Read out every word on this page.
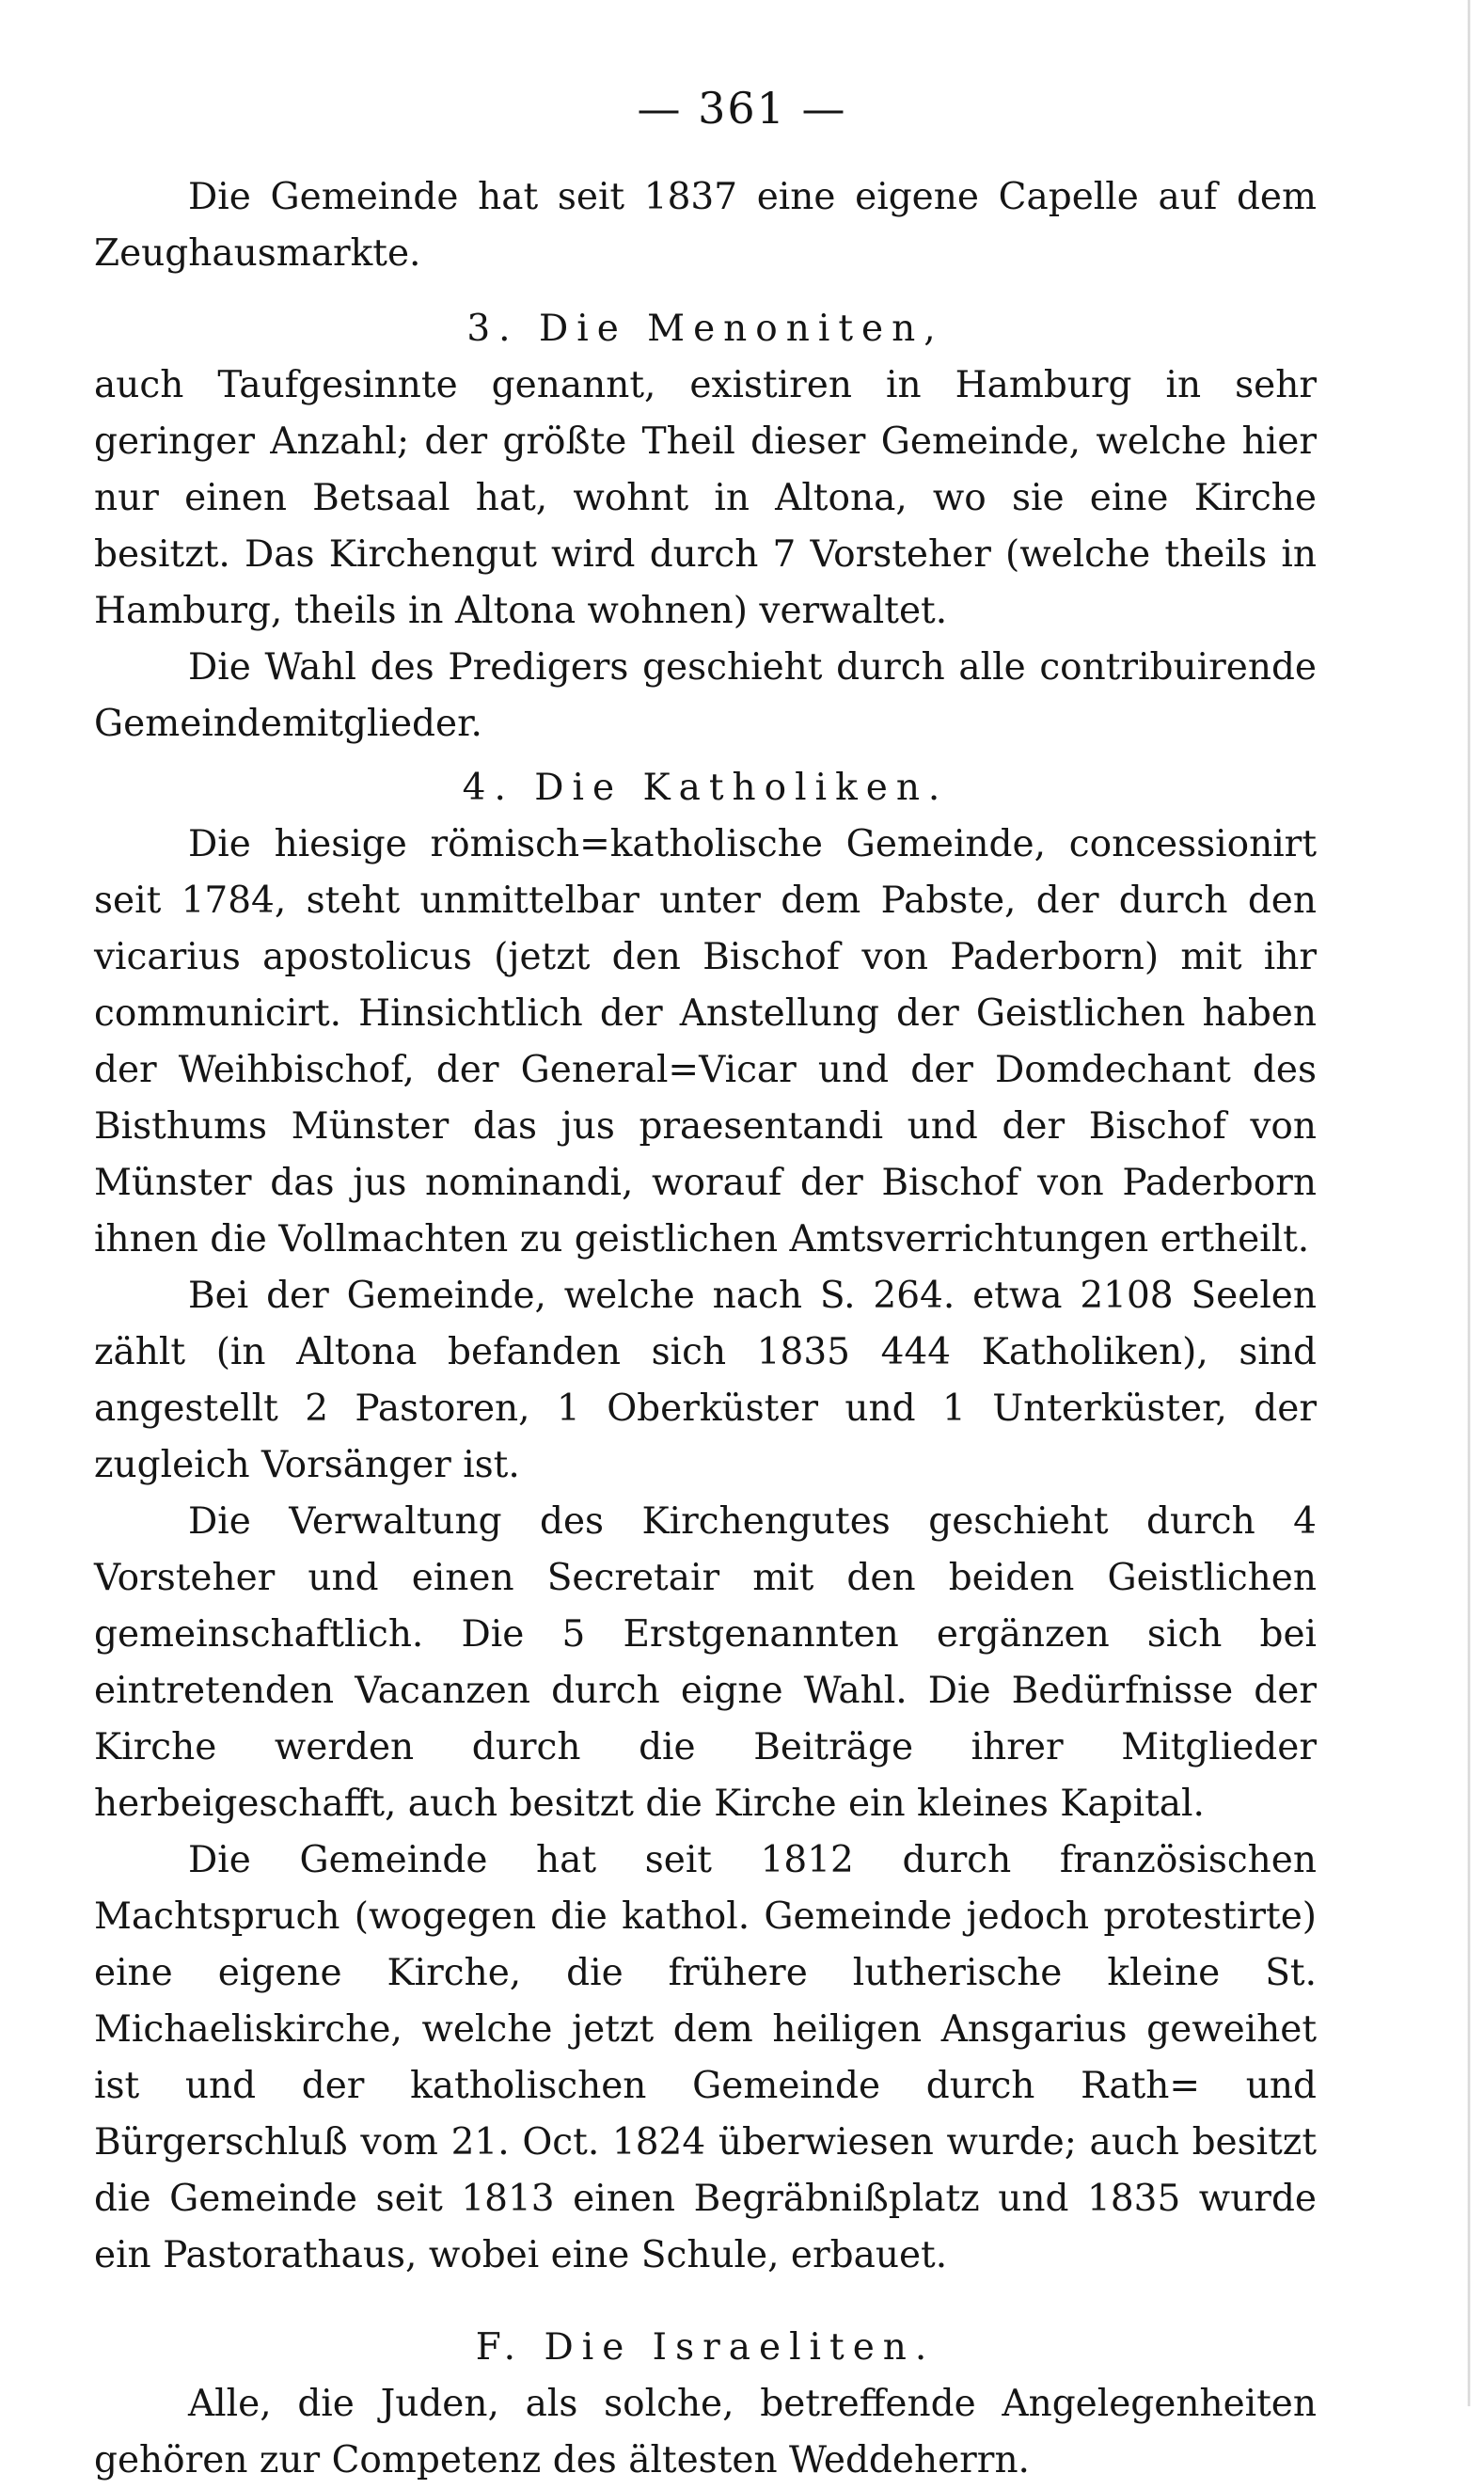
— 361 —

Die Gemeinde hat seit 1837 eine eigene Capelle auf dem Zeughausmarkte.

3. Die Menoniten,

auch Taufgesinnte genannt, existiren in Hamburg in sehr geringer Anzahl; der größte Theil dieser Gemeinde, welche hier nur einen Betsaal hat, wohnt in Altona, wo sie eine Kirche besitzt. Das Kirchengut wird durch 7 Vorsteher (welche theils in Hamburg, theils in Altona wohnen) verwaltet.

Die Wahl des Predigers geschieht durch alle contribuirende Gemeindemitglieder.

4. Die Katholiken.

Die hiesige römisch=katholische Gemeinde, concessionirt seit 1784, steht unmittelbar unter dem Pabste, der durch den vicarius apostolicus (jetzt den Bischof von Paderborn) mit ihr communicirt. Hinsichtlich der Anstellung der Geistlichen haben der Weihbischof, der General=Vicar und der Domdechant des Bisthums Münster das jus praesentandi und der Bischof von Münster das jus nominandi, worauf der Bischof von Paderborn ihnen die Vollmachten zu geistlichen Amtsverrichtungen ertheilt.

Bei der Gemeinde, welche nach S. 264. etwa 2108 Seelen zählt (in Altona befanden sich 1835 444 Katholiken), sind angestellt 2 Pastoren, 1 Oberküster und 1 Unterküster, der zugleich Vorsänger ist.

Die Verwaltung des Kirchengutes geschieht durch 4 Vorsteher und einen Secretair mit den beiden Geistlichen gemeinschaftlich. Die 5 Erstgenannten ergänzen sich bei eintretenden Vacanzen durch eigne Wahl. Die Bedürfnisse der Kirche werden durch die Beiträge ihrer Mitglieder herbeigeschafft, auch besitzt die Kirche ein kleines Kapital.

Die Gemeinde hat seit 1812 durch französischen Machtspruch (wogegen die kathol. Gemeinde jedoch protestirte) eine eigene Kirche, die frühere lutherische kleine St. Michaeliskirche, welche jetzt dem heiligen Ansgarius geweihet ist und der katholischen Gemeinde durch Rath= und Bürgerschluß vom 21. Oct. 1824 überwiesen wurde; auch besitzt die Gemeinde seit 1813 einen Begräbnißplatz und 1835 wurde ein Pastorathaus, wobei eine Schule, erbauet.

F. Die Israeliten.

Alle, die Juden, als solche, betreffende Angelegenheiten gehören zur Competenz des ältesten Weddeherrn.
